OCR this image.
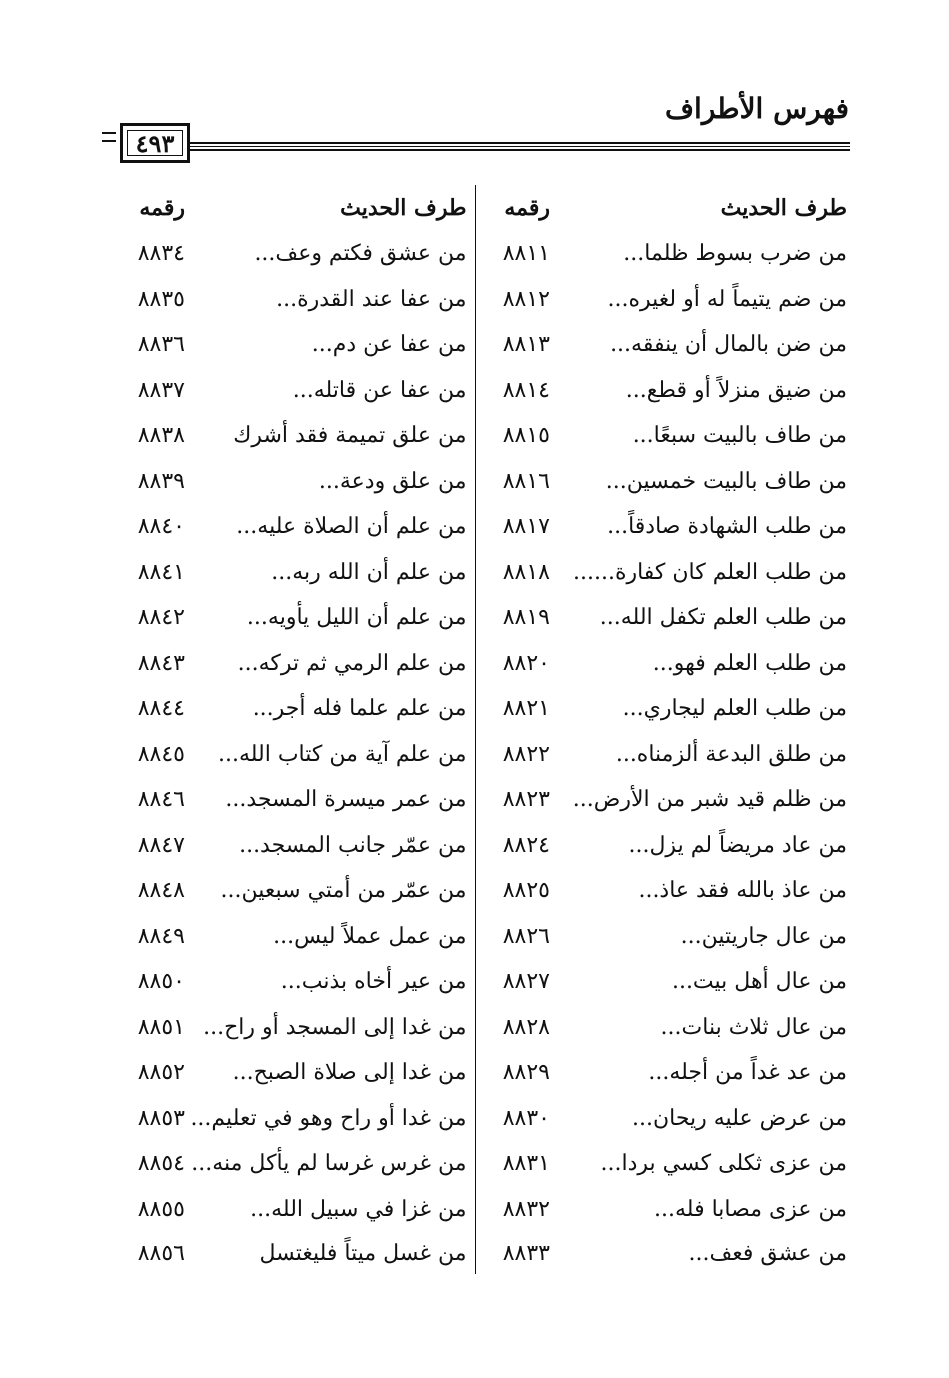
فهرس الأطراف
٤٩٣
طرف الحديث	رقمه	طرف الحديث	رقمه
من ضرب بسوط ظلما...	٨٨١١	من عشق فكتم وعف...	٨٨٣٤
من ضم يتيماً له أو لغيره...	٨٨١٢	من عفا عند القدرة...	٨٨٣٥
من ضن بالمال أن ينفقه...	٨٨١٣	من عفا عن دم...	٨٨٣٦
من ضيق منزلاً أو قطع...	٨٨١٤	من عفا عن قاتله...	٨٨٣٧
من طاف بالبيت سبعًا...	٨٨١٥	من علق تميمة فقد أشرك	٨٨٣٨
من طاف بالبيت خمسين...	٨٨١٦	من علق ودعة...	٨٨٣٩
من طلب الشهادة صادقاً...	٨٨١٧	من علم أن الصلاة عليه...	٨٨٤٠
من طلب العلم كان كفارة......	٨٨١٨	من علم أن الله ربه...	٨٨٤١
من طلب العلم تكفل الله...	٨٨١٩	من علم أن الليل يأويه...	٨٨٤٢
من طلب العلم فهو...	٨٨٢٠	من علم الرمي ثم تركه...	٨٨٤٣
من طلب العلم ليجاري...	٨٨٢١	من علم علما فله أجر...	٨٨٤٤
من طلق البدعة ألزمناه...	٨٨٢٢	من علم آية من كتاب الله...	٨٨٤٥
من ظلم قيد شبر من الأرض...	٨٨٢٣	من عمر ميسرة المسجد...	٨٨٤٦
من عاد مريضاً لم يزل...	٨٨٢٤	من عمّر جانب المسجد...	٨٨٤٧
من عاذ بالله فقد عاذ...	٨٨٢٥	من عمّر من أمتي سبعين...	٨٨٤٨
من عال جاريتين...	٨٨٢٦	من عمل عملاً ليس...	٨٨٤٩
من عال أهل بيت...	٨٨٢٧	من عير أخاه بذنب...	٨٨٥٠
من عال ثلاث بنات...	٨٨٢٨	من غدا إلى المسجد أو راح...	٨٨٥١
من عد غداً من أجله...	٨٨٢٩	من غدا إلى صلاة الصبح...	٨٨٥٢
من عرض عليه ريحان...	٨٨٣٠	من غدا أو راح وهو في تعليم...	٨٨٥٣
من عزى ثكلى كسي بردا...	٨٨٣١	من غرس غرسا لم يأكل منه...	٨٨٥٤
من عزى مصابا فله...	٨٨٣٢	من غزا في سبيل الله...	٨٨٥٥
من عشق فعف...	٨٨٣٣	من غسل ميتاً فليغتسل	٨٨٥٦
